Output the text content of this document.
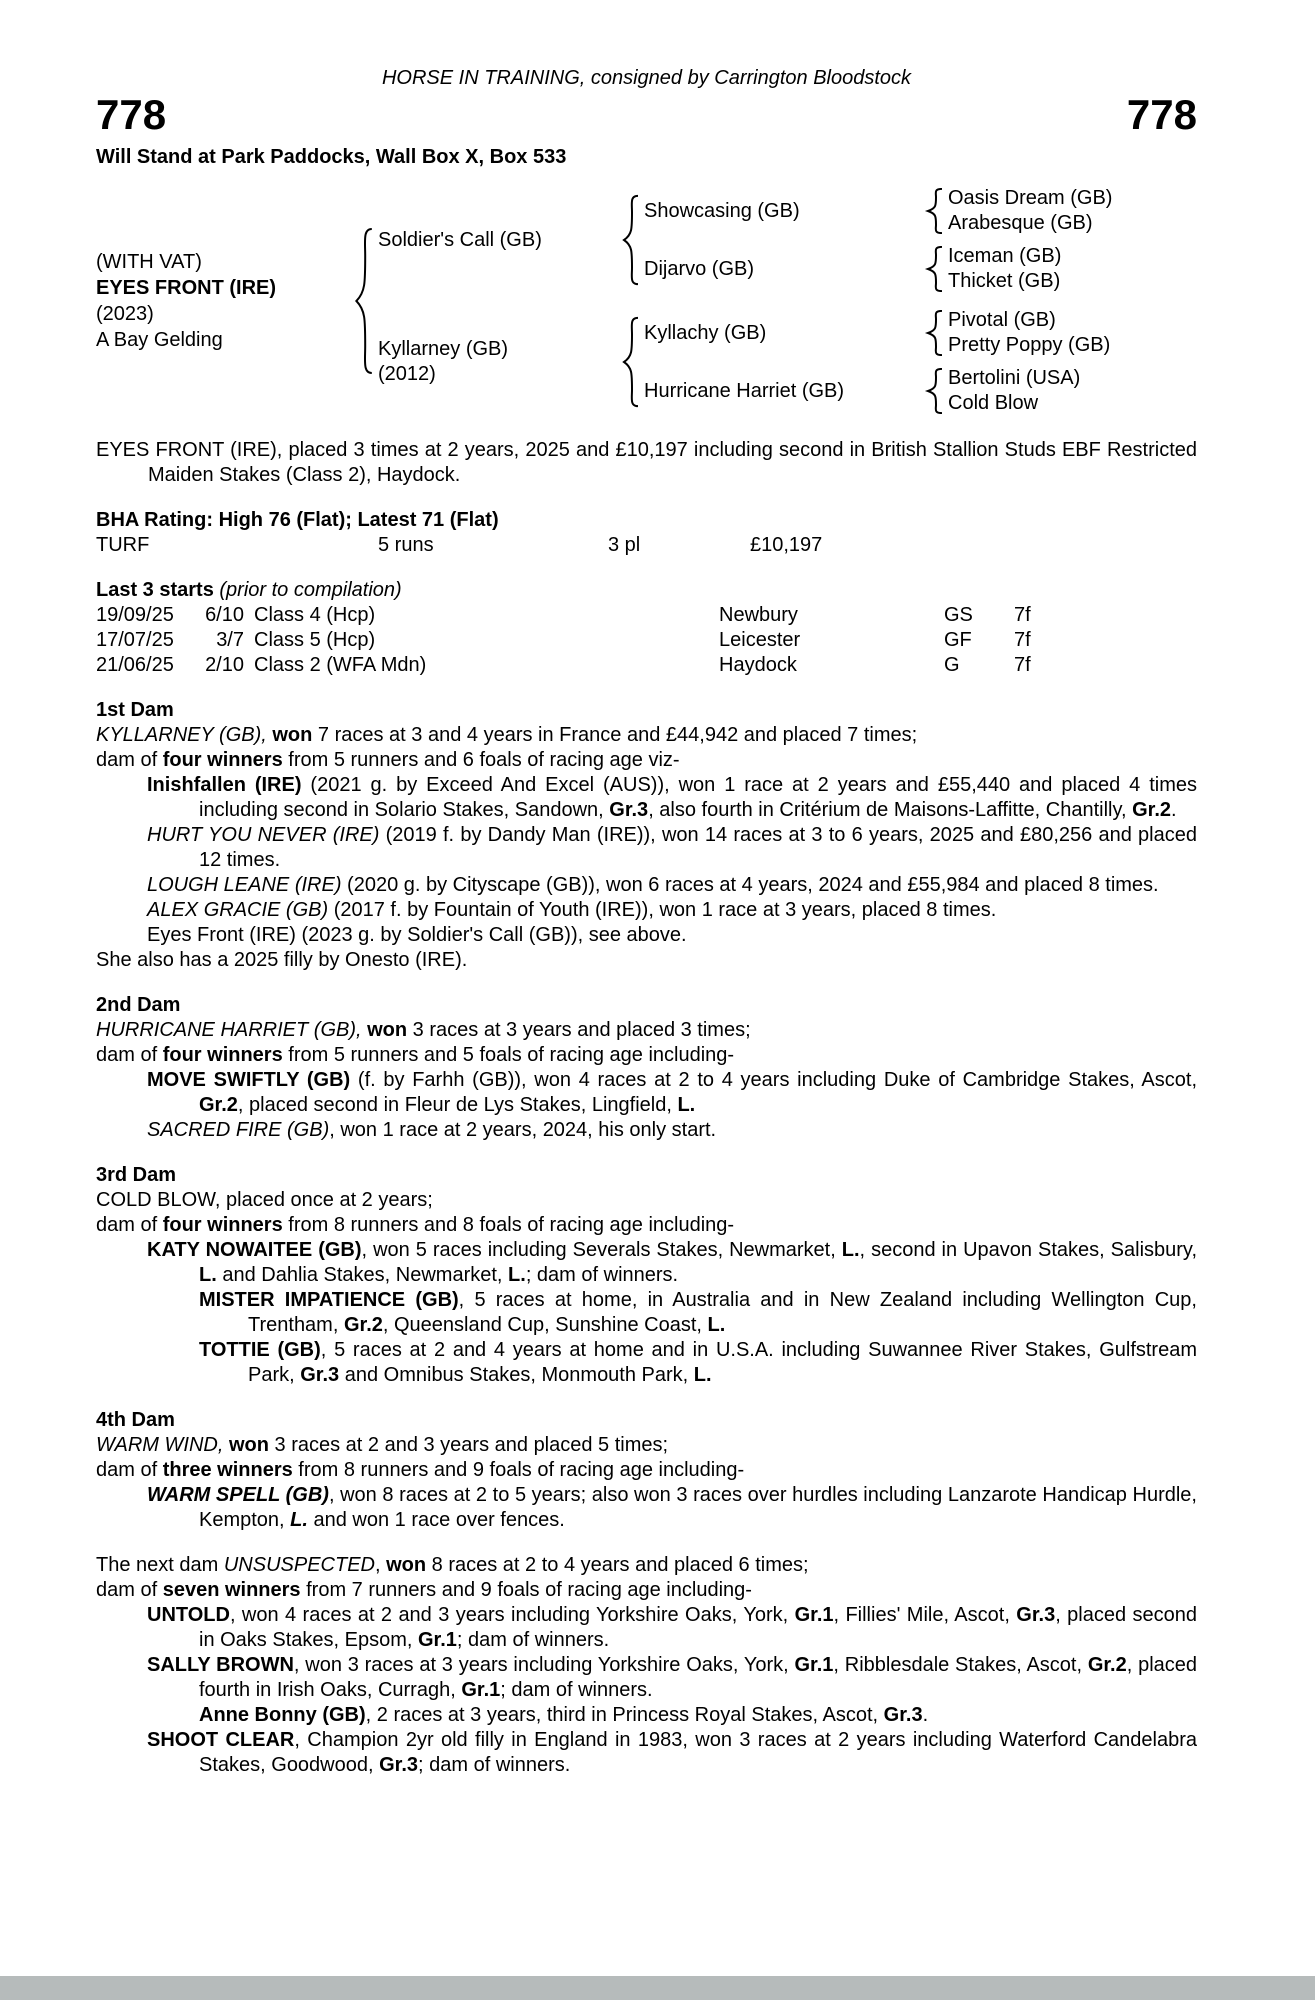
HORSE IN TRAINING, consigned by Carrington Bloodstock
778	778
Will Stand at Park Paddocks, Wall Box X, Box 533
(WITH VAT)
EYES FRONT (IRE)
(2023)
A Bay Gelding
Soldier's Call (GB)
Showcasing (GB)
Oasis Dream (GB)
Arabesque (GB)
Dijarvo (GB)
Iceman (GB)
Thicket (GB)
Kyllarney (GB)
(2012)
Kyllachy (GB)
Pivotal (GB)
Pretty Poppy (GB)
Hurricane Harriet (GB)
Bertolini (USA)
Cold Blow

EYES FRONT (IRE), placed 3 times at 2 years, 2025 and £10,197 including second in British Stallion Studs EBF Restricted Maiden Stakes (Class 2), Haydock.

BHA Rating: High 76 (Flat); Latest 71 (Flat)
TURF	5 runs	3 pl	£10,197
Last 3 starts (prior to compilation)
19/09/25	6/10 Class 4 (Hcp)	Newbury	GS	7f
17/07/25	3/7 Class 5 (Hcp)	Leicester	GF	7f
21/06/25	2/10 Class 2 (WFA Mdn)	Haydock	G	7f

1st Dam

KYLLARNEY (GB), won 7 races at 3 and 4 years in France and £44,942 and placed 7 times;

dam of four winners from 5 runners and 6 foals of racing age viz-

Inishfallen (IRE) (2021 g. by Exceed And Excel (AUS)), won 1 race at 2 years and £55,440 and placed 4 times including second in Solario Stakes, Sandown, Gr.3, also fourth in Critérium de Maisons-Laffitte, Chantilly, Gr.2.

HURT YOU NEVER (IRE) (2019 f. by Dandy Man (IRE)), won 14 races at 3 to 6 years, 2025 and £80,256 and placed 12 times.

LOUGH LEANE (IRE) (2020 g. by Cityscape (GB)), won 6 races at 4 years, 2024 and £55,984 and placed 8 times.

ALEX GRACIE (GB) (2017 f. by Fountain of Youth (IRE)), won 1 race at 3 years, placed 8 times.

Eyes Front (IRE) (2023 g. by Soldier's Call (GB)), see above.

She also has a 2025 filly by Onesto (IRE).

2nd Dam

HURRICANE HARRIET (GB), won 3 races at 3 years and placed 3 times;

dam of four winners from 5 runners and 5 foals of racing age including-

MOVE SWIFTLY (GB) (f. by Farhh (GB)), won 4 races at 2 to 4 years including Duke of Cambridge Stakes, Ascot, Gr.2, placed second in Fleur de Lys Stakes, Lingfield, L.

SACRED FIRE (GB), won 1 race at 2 years, 2024, his only start.

3rd Dam

COLD BLOW, placed once at 2 years;

dam of four winners from 8 runners and 8 foals of racing age including-

KATY NOWAITEE (GB), won 5 races including Severals Stakes, Newmarket, L., second in Upavon Stakes, Salisbury, L. and Dahlia Stakes, Newmarket, L.; dam of winners.

MISTER IMPATIENCE (GB), 5 races at home, in Australia and in New Zealand including Wellington Cup, Trentham, Gr.2, Queensland Cup, Sunshine Coast, L.

TOTTIE (GB), 5 races at 2 and 4 years at home and in U.S.A. including Suwannee River Stakes, Gulfstream Park, Gr.3 and Omnibus Stakes, Monmouth Park, L.

4th Dam

WARM WIND, won 3 races at 2 and 3 years and placed 5 times;

dam of three winners from 8 runners and 9 foals of racing age including-

WARM SPELL (GB), won 8 races at 2 to 5 years; also won 3 races over hurdles including Lanzarote Handicap Hurdle, Kempton, L. and won 1 race over fences.

The next dam UNSUSPECTED, won 8 races at 2 to 4 years and placed 6 times;

dam of seven winners from 7 runners and 9 foals of racing age including-

UNTOLD, won 4 races at 2 and 3 years including Yorkshire Oaks, York, Gr.1, Fillies' Mile, Ascot, Gr.3, placed second in Oaks Stakes, Epsom, Gr.1; dam of winners.

SALLY BROWN, won 3 races at 3 years including Yorkshire Oaks, York, Gr.1, Ribblesdale Stakes, Ascot, Gr.2, placed fourth in Irish Oaks, Curragh, Gr.1; dam of winners.

Anne Bonny (GB), 2 races at 3 years, third in Princess Royal Stakes, Ascot, Gr.3.

SHOOT CLEAR, Champion 2yr old filly in England in 1983, won 3 races at 2 years including Waterford Candelabra Stakes, Goodwood, Gr.3; dam of winners.
